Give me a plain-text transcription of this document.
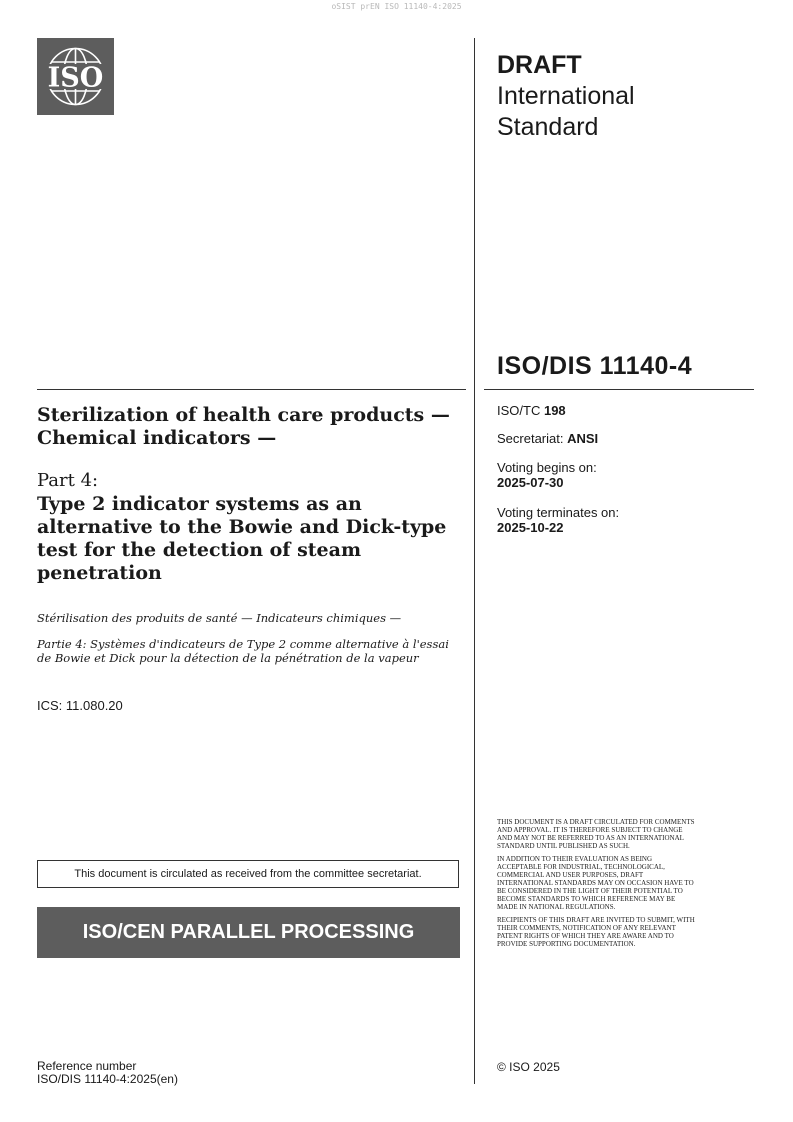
oSIST prEN ISO 11140-4:2025
ISO	DRAFT
International
Standard
ISO/DIS 11140-4
Sterilization of health care products — Chemical indicators —
Part 4:
Type 2 indicator systems as an alternative to the Bowie and Dick-type test for the detection of steam penetration
Stérilisation des produits de santé — Indicateurs chimiques —
Partie 4: Systèmes d'indicateurs de Type 2 comme alternative à l'essai de Bowie et Dick pour la détection de la pénétration de la vapeur
ICS: 11.080.20
ISO/TC 198
Secretariat: ANSI
Voting begins on:
2025-07-30
Voting terminates on:
2025-10-22

THIS DOCUMENT IS A DRAFT CIRCULATED FOR COMMENTS AND APPROVAL. IT IS THEREFORE SUBJECT TO CHANGE AND MAY NOT BE REFERRED TO AS AN INTERNATIONAL STANDARD UNTIL PUBLISHED AS SUCH.

IN ADDITION TO THEIR EVALUATION AS BEING ACCEPTABLE FOR INDUSTRIAL, TECHNOLOGICAL, COMMERCIAL AND USER PURPOSES, DRAFT INTERNATIONAL STANDARDS MAY ON OCCASION HAVE TO BE CONSIDERED IN THE LIGHT OF THEIR POTENTIAL TO BECOME STANDARDS TO WHICH REFERENCE MAY BE MADE IN NATIONAL REGULATIONS.

RECIPIENTS OF THIS DRAFT ARE INVITED TO SUBMIT, WITH THEIR COMMENTS, NOTIFICATION OF ANY RELEVANT PATENT RIGHTS OF WHICH THEY ARE AWARE AND TO PROVIDE SUPPORTING DOCUMENTATION.

This document is circulated as received from the committee secretariat.
ISO/CEN PARALLEL PROCESSING
Reference number
ISO/DIS 11140-4:2025(en)
© ISO 2025
